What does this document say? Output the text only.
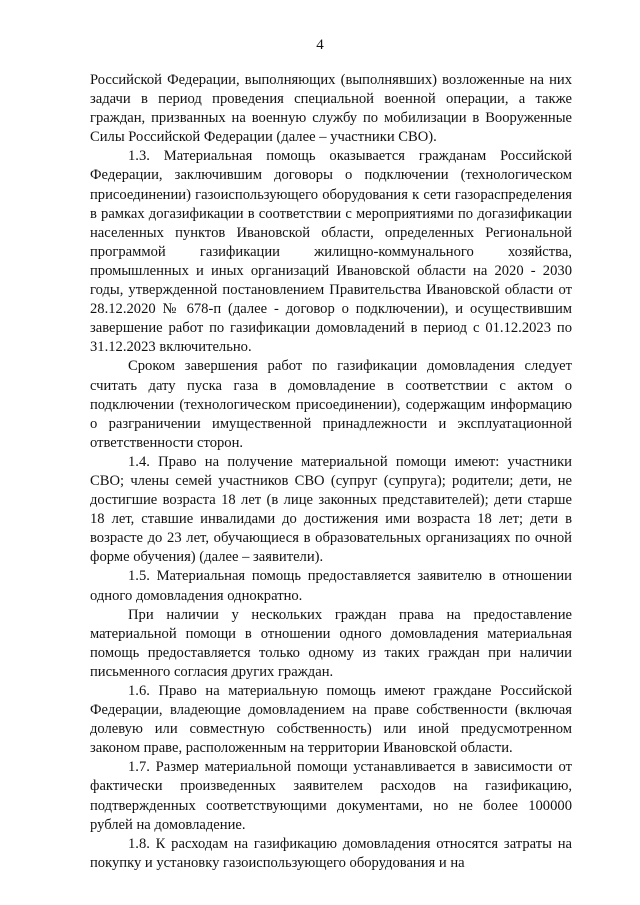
4

Российской Федерации, выполняющих (выполнявших) возложенные на них задачи в период проведения специальной военной операции, а также граждан, призванных на военную службу по мобилизации в Вооруженные Силы Российской Федерации (далее – участники СВО).

1.3. Материальная помощь оказывается гражданам Российской Федерации, заключившим договоры о подключении (технологическом присоединении) газоиспользующего оборудования к сети газораспределения в рамках догазификации в соответствии с мероприятиями по догазификации населенных пунктов Ивановской области, определенных Региональной программой газификации жилищно-коммунального хозяйства, промышленных и иных организаций Ивановской области на 2020 - 2030 годы, утвержденной постановлением Правительства Ивановской области от 28.12.2020 № 678-п (далее - договор о подключении), и осуществившим завершение работ по газификации домовладений в период с 01.12.2023 по 31.12.2023 включительно.

Сроком завершения работ по газификации домовладения следует считать дату пуска газа в домовладение в соответствии с актом о подключении (технологическом присоединении), содержащим информацию о разграничении имущественной принадлежности и эксплуатационной ответственности сторон.

1.4. Право на получение материальной помощи имеют: участники СВО; члены семей участников СВО (супруг (супруга); родители; дети, не достигшие возраста 18 лет (в лице законных представителей); дети старше 18 лет, ставшие инвалидами до достижения ими возраста 18 лет; дети в возрасте до 23 лет, обучающиеся в образовательных организациях по очной форме обучения) (далее – заявители).

1.5. Материальная помощь предоставляется заявителю в отношении одного домовладения однократно.

При наличии у нескольких граждан права на предоставление материальной помощи в отношении одного домовладения материальная помощь предоставляется только одному из таких граждан при наличии письменного согласия других граждан.

1.6. Право на материальную помощь имеют граждане Российской Федерации, владеющие домовладением на праве собственности (включая долевую или совместную собственность) или иной предусмотренном законом праве, расположенным на территории Ивановской области.

1.7. Размер материальной помощи устанавливается в зависимости от фактически произведенных заявителем расходов на газификацию, подтвержденных соответствующими документами, но не более 100000 рублей на домовладение.

1.8. К расходам на газификацию домовладения относятся затраты на покупку и установку газоиспользующего оборудования и на
